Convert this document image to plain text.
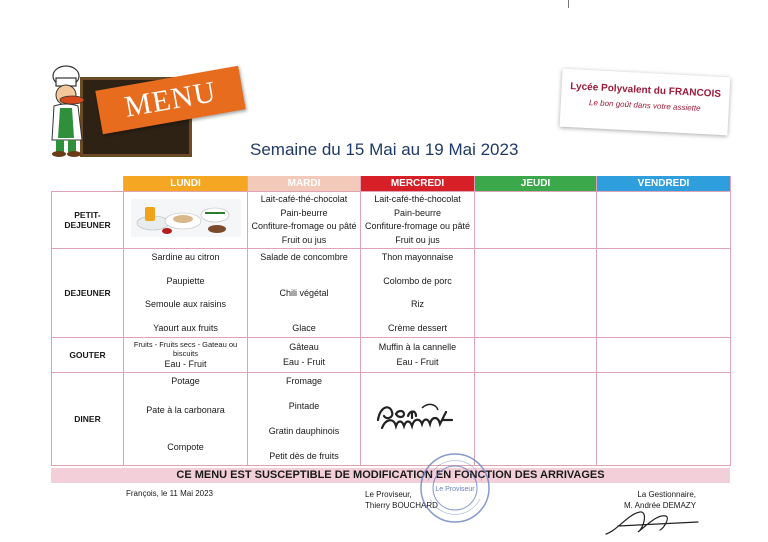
MENU	Lycée Polyvalent du FRANCOIS
Le bon goût dans votre assiette
Semaine du 15 Mai au 19 Mai 2023
	LUNDI	MARDI	MERCREDI	JEUDI	VENDREDI
PETIT-DEJEUNER		Lait-café-thé-chocolat
Pain-beurre
Confiture-fromage ou pâté
Fruit ou jus	Lait-café-thé-chocolat
Pain-beurre
Confiture-fromage ou pâté
Fruit ou jus		

DEJEUNER	Sardine au citron
Paupiette
Semoule aux raisins
Yaourt aux fruits	Salade de concombre
Chili végétal
Glace	Thon mayonnaise
Colombo de porc
Riz
Crème dessert		

GOUTER	Fruits - Fruits secs - Gateau ou biscuits
Eau - Fruit	Gâteau
Eau - Fruit	Muffin à la cannelle
Eau - Fruit		

DINER	Potage
Pate à la carbonara
Compote	Fromage
Pintade
Gratin dauphinois
Petit dès de fruits			

CE MENU EST SUSCEPTIBLE DE MODIFICATION EN FONCTION DES ARRIVAGES
François, le 11 Mai 2023	Le Proviseur,
Thierry BOUCHARD
La Gestionnaire,
M. Andrée DEMAZY
Le Proviseur
